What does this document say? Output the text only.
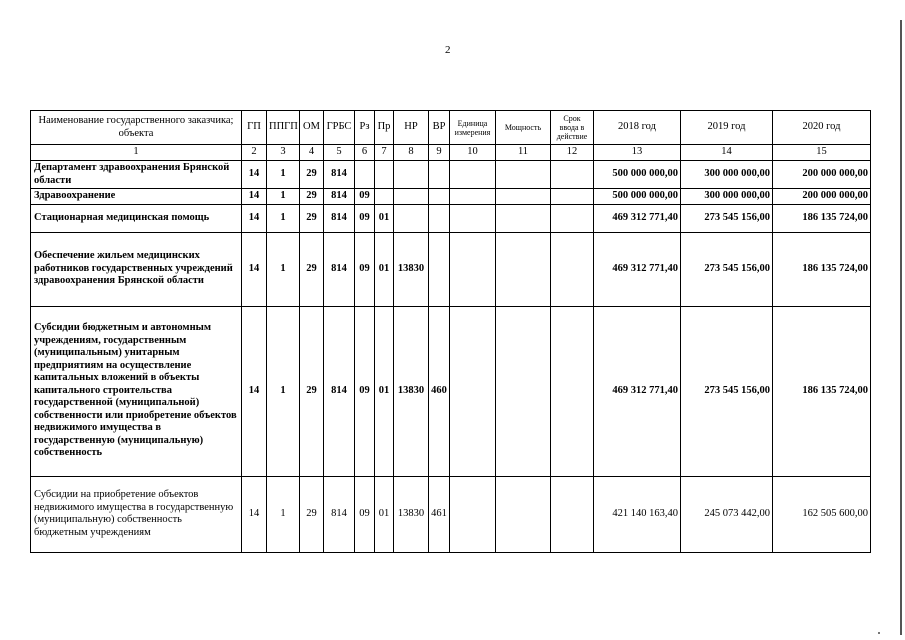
2
Наименование государственного заказчика; объекта	ГП	ППГП	ОМ	ГРБС	Рз	Пр	НР	ВР	Единица измерения	Мощность	Срок ввода в действие	2018 год	2019 год	2020 год
1	2	3	4	5	6	7	8	9	10	11	12	13	14	15
Департамент здравоохранения Брянской области	14	1	29	814								500 000 000,00	300 000 000,00	200 000 000,00
Здравоохранение	14	1	29	814	09							500 000 000,00	300 000 000,00	200 000 000,00
Стационарная медицинская помощь	14	1	29	814	09	01						469 312 771,40	273 545 156,00	186 135 724,00
Обеспечение жильем медицинских работников государственных учреждений здравоохранения Брянской области	14	1	29	814	09	01	13830					469 312 771,40	273 545 156,00	186 135 724,00
Субсидии бюджетным и автономным учреждениям, государственным (муниципальным) унитарным предприятиям на осуществление капитальных вложений в объекты капитального строительства государственной (муниципальной) собственности или приобретение объектов недвижимого имущества в государственную (муниципальную) собственность	14	1	29	814	09	01	13830	460				469 312 771,40	273 545 156,00	186 135 724,00
Субсидии на приобретение объектов недвижимого имущества в государственную (муниципальную) собственность бюджетным учреждениям	14	1	29	814	09	01	13830	461				421 140 163,40	245 073 442,00	162 505 600,00
